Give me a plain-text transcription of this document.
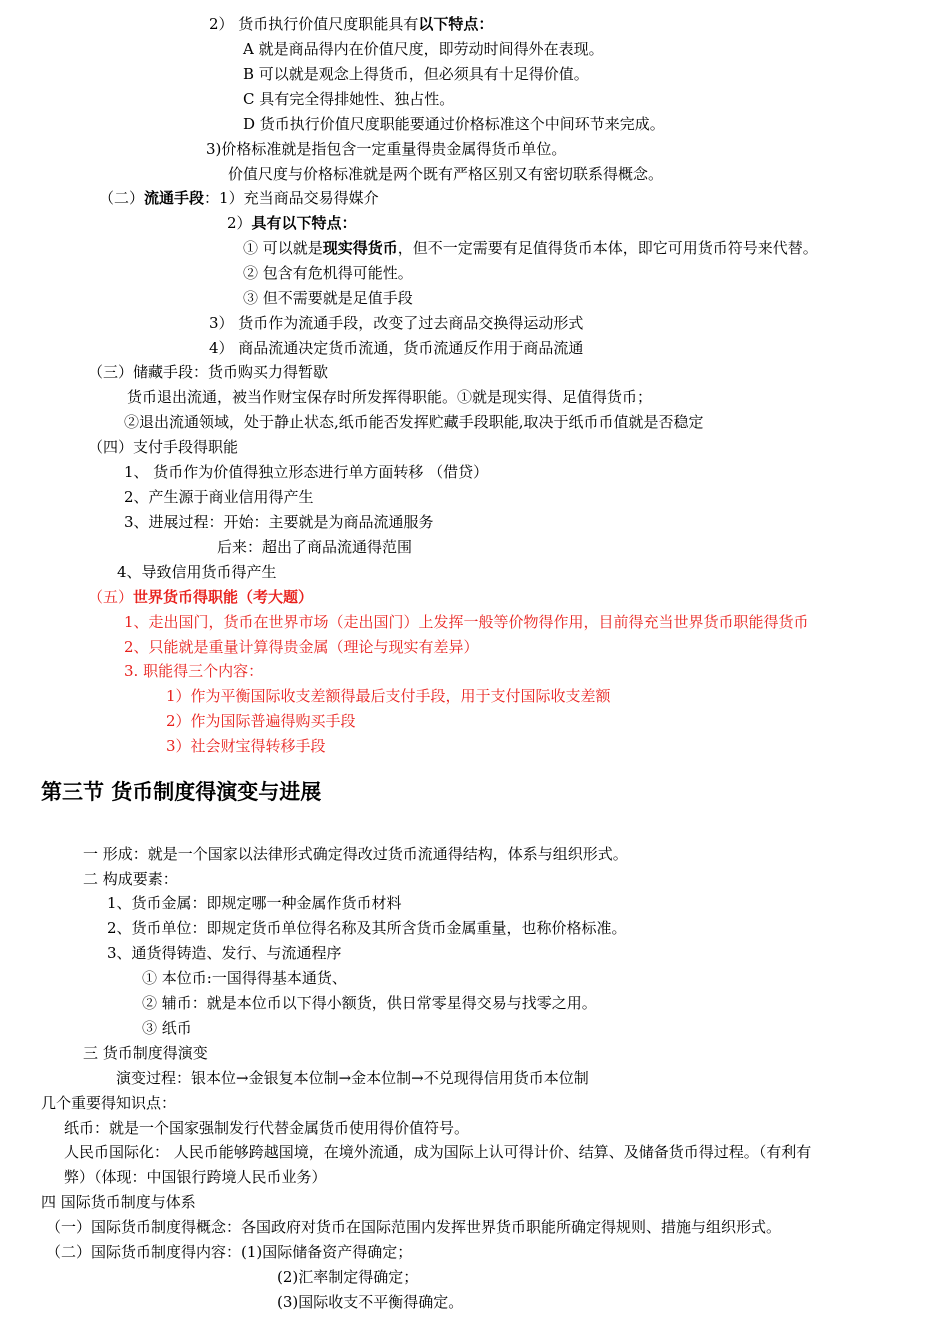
2） 货币执行价值尺度职能具有以下特点：
A 就是商品得内在价值尺度，即劳动时间得外在表现。
B 可以就是观念上得货币，但必须具有十足得价值。
C 具有完全得排她性、独占性。
D 货币执行价值尺度职能要通过价格标准这个中间环节来完成。
3)价格标准就是指包含一定重量得贵金属得货币单位。
价值尺度与价格标准就是两个既有严格区别又有密切联系得概念。
（二）流通手段：1）充当商品交易得媒介
2）具有以下特点：
① 可以就是现实得货币，但不一定需要有足值得货币本体，即它可用货币符号来代替。
② 包含有危机得可能性。
③ 但不需要就是足值手段
3） 货币作为流通手段，改变了过去商品交换得运动形式
4） 商品流通决定货币流通，货币流通反作用于商品流通
（三）储藏手段：货币购买力得暂歇
货币退出流通，被当作财宝保存时所发挥得职能。①就是现实得、足值得货币；
②退出流通领域，处于静止状态,纸币能否发挥贮藏手段职能,取决于纸币币值就是否稳定
（四）支付手段得职能
1、 货币作为价值得独立形态进行单方面转移 （借贷）
2、产生源于商业信用得产生
3、进展过程：开始：主要就是为商品流通服务
后来：超出了商品流通得范围
4、导致信用货币得产生
（五）世界货币得职能（考大题）
1、走出国门，货币在世界市场（走出国门）上发挥一般等价物得作用，目前得充当世界货币职能得货币
2、只能就是重量计算得贵金属（理论与现实有差异）
3. 职能得三个内容：
1）作为平衡国际收支差额得最后支付手段，用于支付国际收支差额
2）作为国际普遍得购买手段
3）社会财宝得转移手段
第三节 货币制度得演变与进展
一 形成：就是一个国家以法律形式确定得改过货币流通得结构，体系与组织形式。
二 构成要素：
1、货币金属：即规定哪一种金属作货币材料
2、货币单位：即规定货币单位得名称及其所含货币金属重量，也称价格标准。
3、通货得铸造、发行、与流通程序
① 本位币:一国得得基本通货、
② 辅币：就是本位币以下得小额货，供日常零星得交易与找零之用。
③ 纸币
三 货币制度得演变
演变过程：银本位→金银复本位制→金本位制→不兑现得信用货币本位制
几个重要得知识点：
纸币：就是一个国家强制发行代替金属货币使用得价值符号。
人民币国际化： 人民币能够跨越国境，在境外流通，成为国际上认可得计价、结算、及储备货币得过程。（有利有
弊）（体现：中国银行跨境人民币业务）
四 国际货币制度与体系
（一）国际货币制度得概念：各国政府对货币在国际范围内发挥世界货币职能所确定得规则、措施与组织形式。
（二）国际货币制度得内容：(1)国际储备资产得确定；
(2)汇率制定得确定；
(3)国际收支不平衡得确定。
